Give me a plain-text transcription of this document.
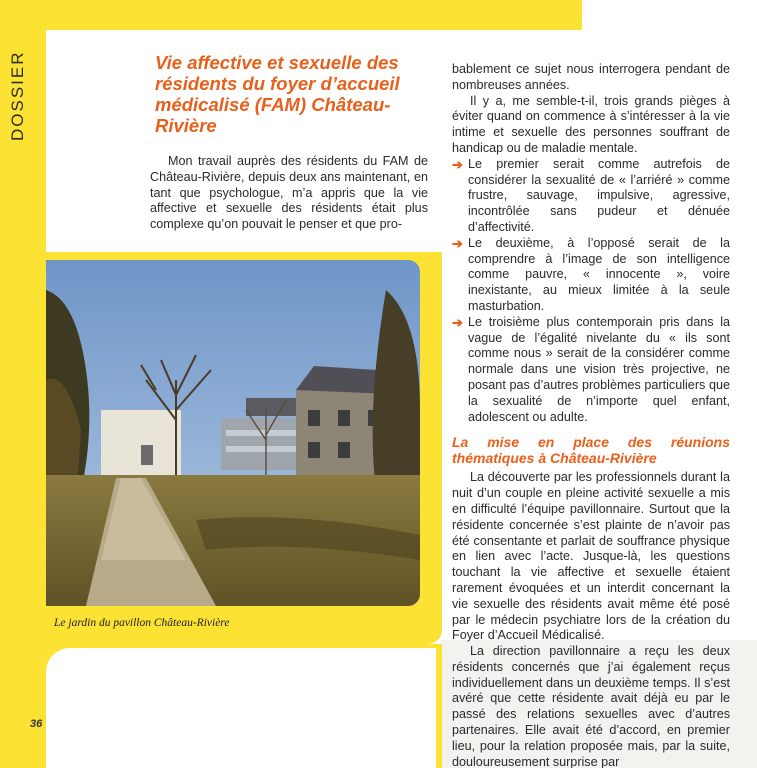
DOSSIER	Vie affective et sexuelle des résidents du foyer d’accueil médicalisé (FAM) Château-Rivière

Mon travail auprès des résidents du FAM de Château-Rivière, depuis deux ans maintenant, en tant que psychologue, m’a appris que la vie affective et sexuelle des résidents était plus complexe qu’on pouvait le penser et que pro-

Le jardin du pavillon Château-Rivière

bablement ce sujet nous interrogera pendant de nombreuses années.

Il y a, me semble-t-il, trois grands pièges à éviter quand on commence à s’intéresser à la vie intime et sexuelle des personnes souffrant de handicap ou de maladie mentale.

➔ Le premier serait comme autrefois de considérer la sexualité de « l’arriéré » comme frustre, sauvage, impulsive, agressive, incontrôlée sans pudeur et dénuée d’affectivité.

➔ Le deuxième, à l’opposé serait de la comprendre à l’image de son intelligence comme pauvre, « innocente », voire inexistante, au mieux limitée à la seule masturbation.

➔ Le troisième plus contemporain pris dans la vague de l’égalité nivelante du « ils sont comme nous » serait de la considérer comme normale dans une vision très projective, ne posant pas d’autres problèmes particuliers que la sexualité de n’importe quel enfant, adolescent ou adulte.

La mise en place des réunions thématiques à Château-Rivière

La découverte par les professionnels durant la nuit d’un couple en pleine activité sexuelle a mis en difficulté l’équipe pavillonnaire. Surtout que la résidente concernée s’est plainte de n’avoir pas été consentante et parlait de souffrance physique en lien avec l’acte. Jusque-là, les questions touchant la vie affective et sexuelle étaient rarement évoquées et un interdit concernant la vie sexuelle des résidents avait même été posé par le médecin psychiatre lors de la création du Foyer d’Accueil Médicalisé.

La direction pavillonnaire a reçu les deux résidents concernés que j’ai également reçus individuellement dans un deuxième temps. Il s’est avéré que cette résidente avait déjà eu par le passé des relations sexuelles avec d’autres partenaires. Elle avait été d’accord, en premier lieu, pour la relation proposée mais, par la suite, douloureusement surprise par

36
